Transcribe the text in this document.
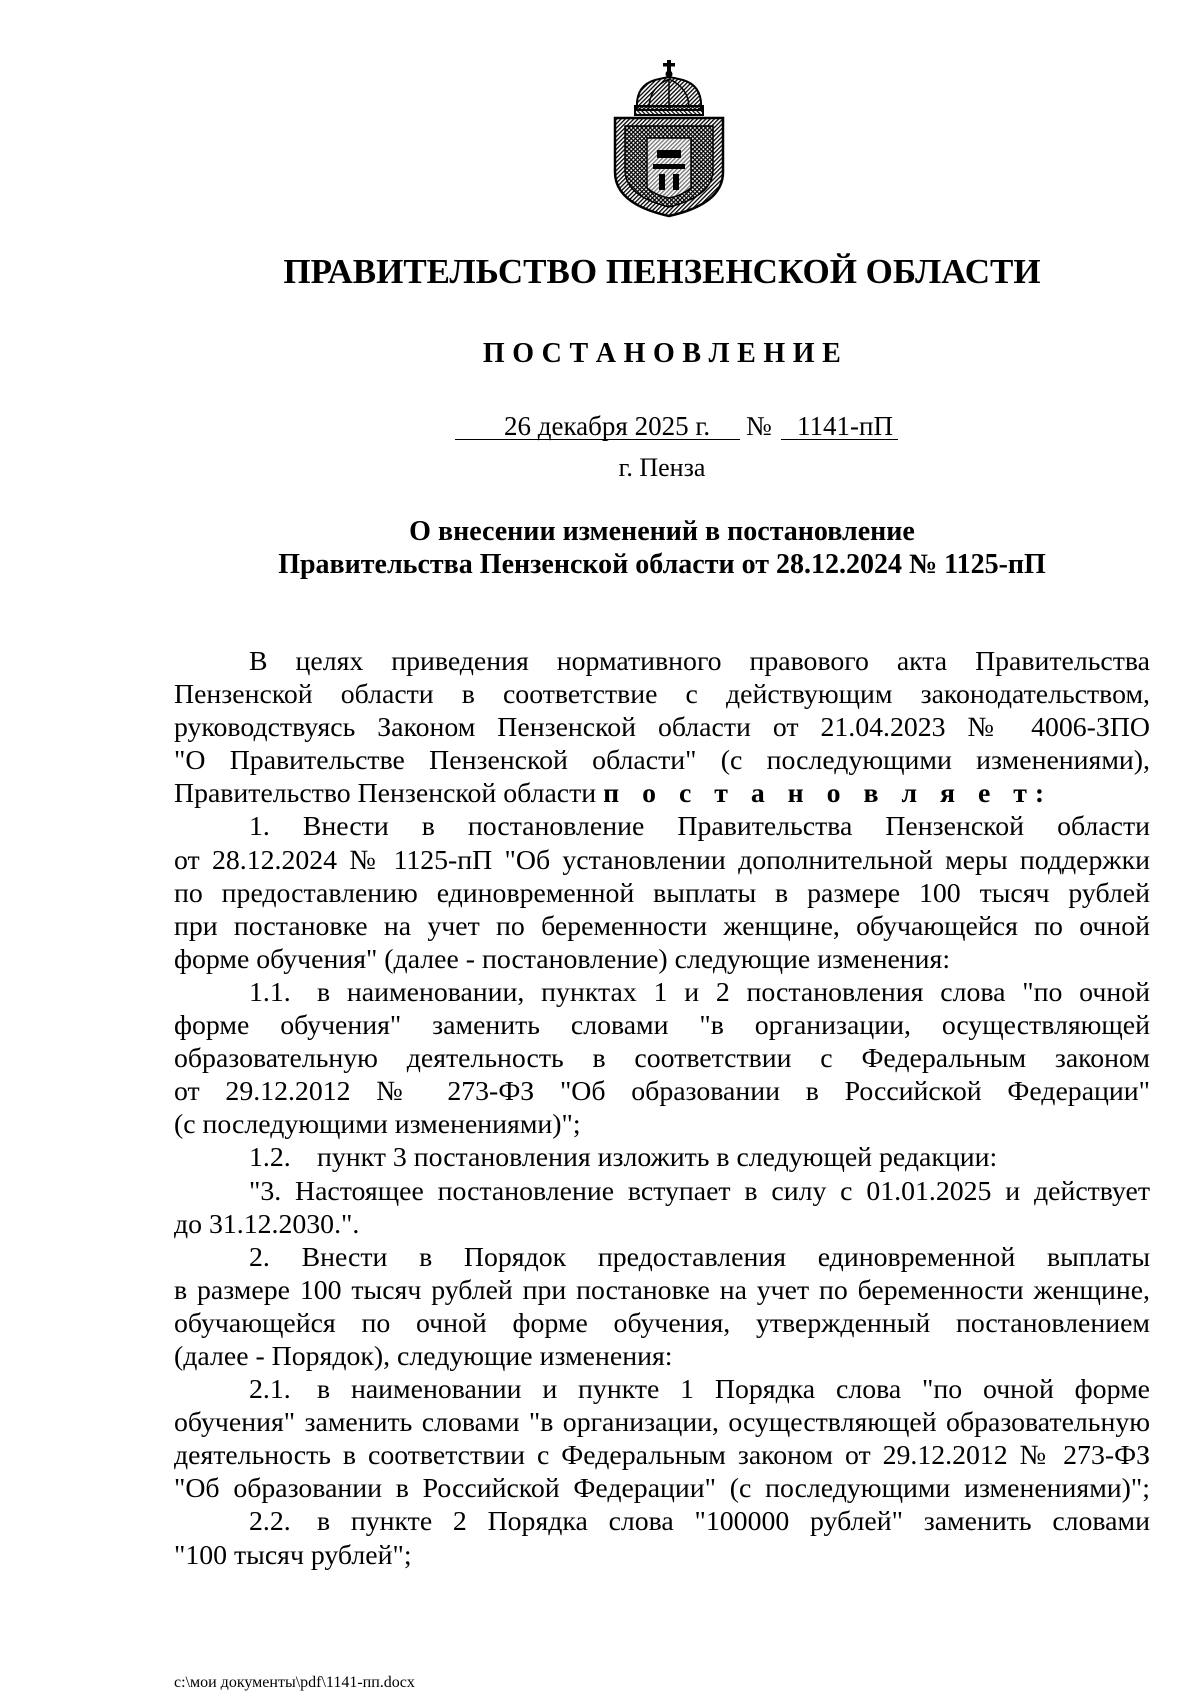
ПРАВИТЕЛЬСТВО ПЕНЗЕНСКОЙ ОБЛАСТИ
П О С Т А Н О В Л Е Н И Е
26 декабря 2025 г. № 1141-пП
г. Пенза
О внесении изменений в постановление
Правительства Пензенской области от 28.12.2024 № 1125-пП
В целях приведения нормативного правового акта Правительства
Пензенской области в соответствие с действующим законодательством,
руководствуясь Законом Пензенской области от 21.04.2023 № 4006-ЗПО
"О Правительстве Пензенской области" (с последующими изменениями),
Правительство Пензенской области п о с т а н о в л я е т:
1. Внести в постановление Правительства Пензенской области
от 28.12.2024 № 1125-пП "Об установлении дополнительной меры поддержки
по предоставлению единовременной выплаты в размере 100 тысяч рублей
при постановке на учет по беременности женщине, обучающейся по очной
форме обучения" (далее - постановление) следующие изменения:
1.1. в наименовании, пунктах 1 и 2 постановления слова "по очной
форме обучения" заменить словами "в организации, осуществляющей
образовательную деятельность в соответствии с Федеральным законом
от 29.12.2012 № 273-ФЗ "Об образовании в Российской Федерации"
(с последующими изменениями)";
1.2. пункт 3 постановления изложить в следующей редакции:
"3. Настоящее постановление вступает в силу с 01.01.2025 и действует
до 31.12.2030.".
2. Внести в Порядок предоставления единовременной выплаты
в размере 100 тысяч рублей при постановке на учет по беременности женщине,
обучающейся по очной форме обучения, утвержденный постановлением
(далее - Порядок), следующие изменения:
2.1. в наименовании и пункте 1 Порядка слова "по очной форме
обучения" заменить словами "в организации, осуществляющей образовательную
деятельность в соответствии с Федеральным законом от 29.12.2012 № 273-ФЗ
"Об образовании в Российской Федерации" (с последующими изменениями)";
2.2. в пункте 2 Порядка слова "100000 рублей" заменить словами
"100 тысяч рублей";
c:\мои документы\pdf\1141-пп.docx
